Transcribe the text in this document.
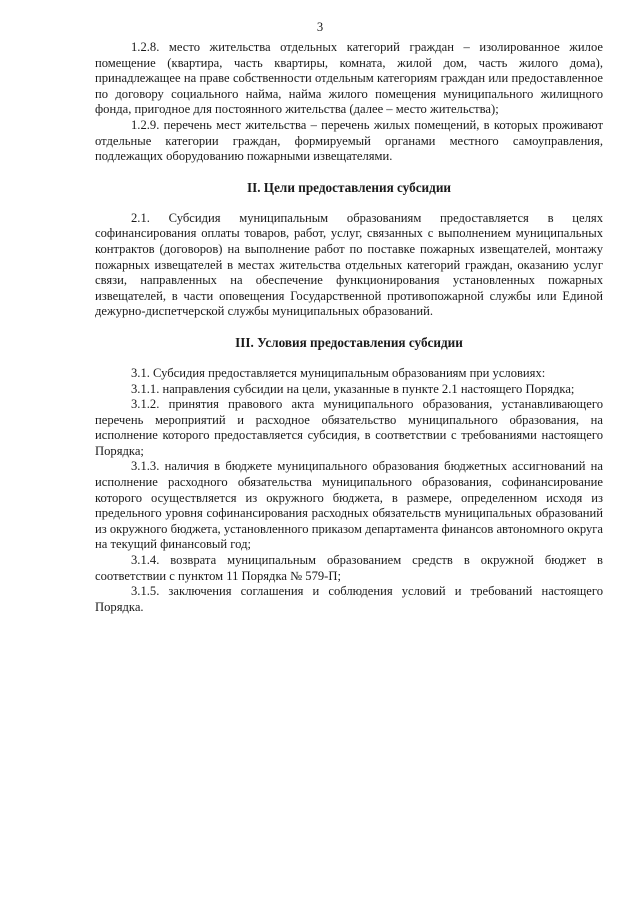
3

1.2.8. место жительства отдельных категорий граждан – изолированное жилое помещение (квартира, часть квартиры, комната, жилой дом, часть жилого дома), принадлежащее на праве собственности отдельным категориям граждан или предоставленное по договору социального найма, найма жилого помещения муниципального жилищного фонда, пригодное для постоянного жительства (далее – место жительства);

1.2.9. перечень мест жительства – перечень жилых помещений, в которых проживают отдельные категории граждан, формируемый органами местного самоуправления, подлежащих оборудованию пожарными извещателями.

II. Цели предоставления субсидии

2.1. Субсидия муниципальным образованиям предоставляется в целях софинансирования оплаты товаров, работ, услуг, связанных с выполнением муниципальных контрактов (договоров) на выполнение работ по поставке пожарных извещателей, монтажу пожарных извещателей в местах жительства отдельных категорий граждан, оказанию услуг связи, направленных на обеспечение функционирования установленных пожарных извещателей, в части оповещения Государственной противопожарной службы или Единой дежурно-диспетчерской службы муниципальных образований.

III. Условия предоставления субсидии

3.1. Субсидия предоставляется муниципальным образованиям при условиях:

3.1.1. направления субсидии на цели, указанные в пункте 2.1 настоящего Порядка;

3.1.2. принятия правового акта муниципального образования, устанавливающего перечень мероприятий и расходное обязательство муниципального образования, на исполнение которого предоставляется субсидия, в соответствии с требованиями настоящего Порядка;

3.1.3. наличия в бюджете муниципального образования бюджетных ассигнований на исполнение расходного обязательства муниципального образования, софинансирование которого осуществляется из окружного бюджета, в размере, определенном исходя из предельного уровня софинансирования расходных обязательств муниципальных образований из окружного бюджета, установленного приказом департамента финансов автономного округа на текущий финансовый год;

3.1.4. возврата муниципальным образованием средств в окружной бюджет в соответствии с пунктом 11 Порядка № 579-П;

3.1.5. заключения соглашения и соблюдения условий и требований настоящего Порядка.
